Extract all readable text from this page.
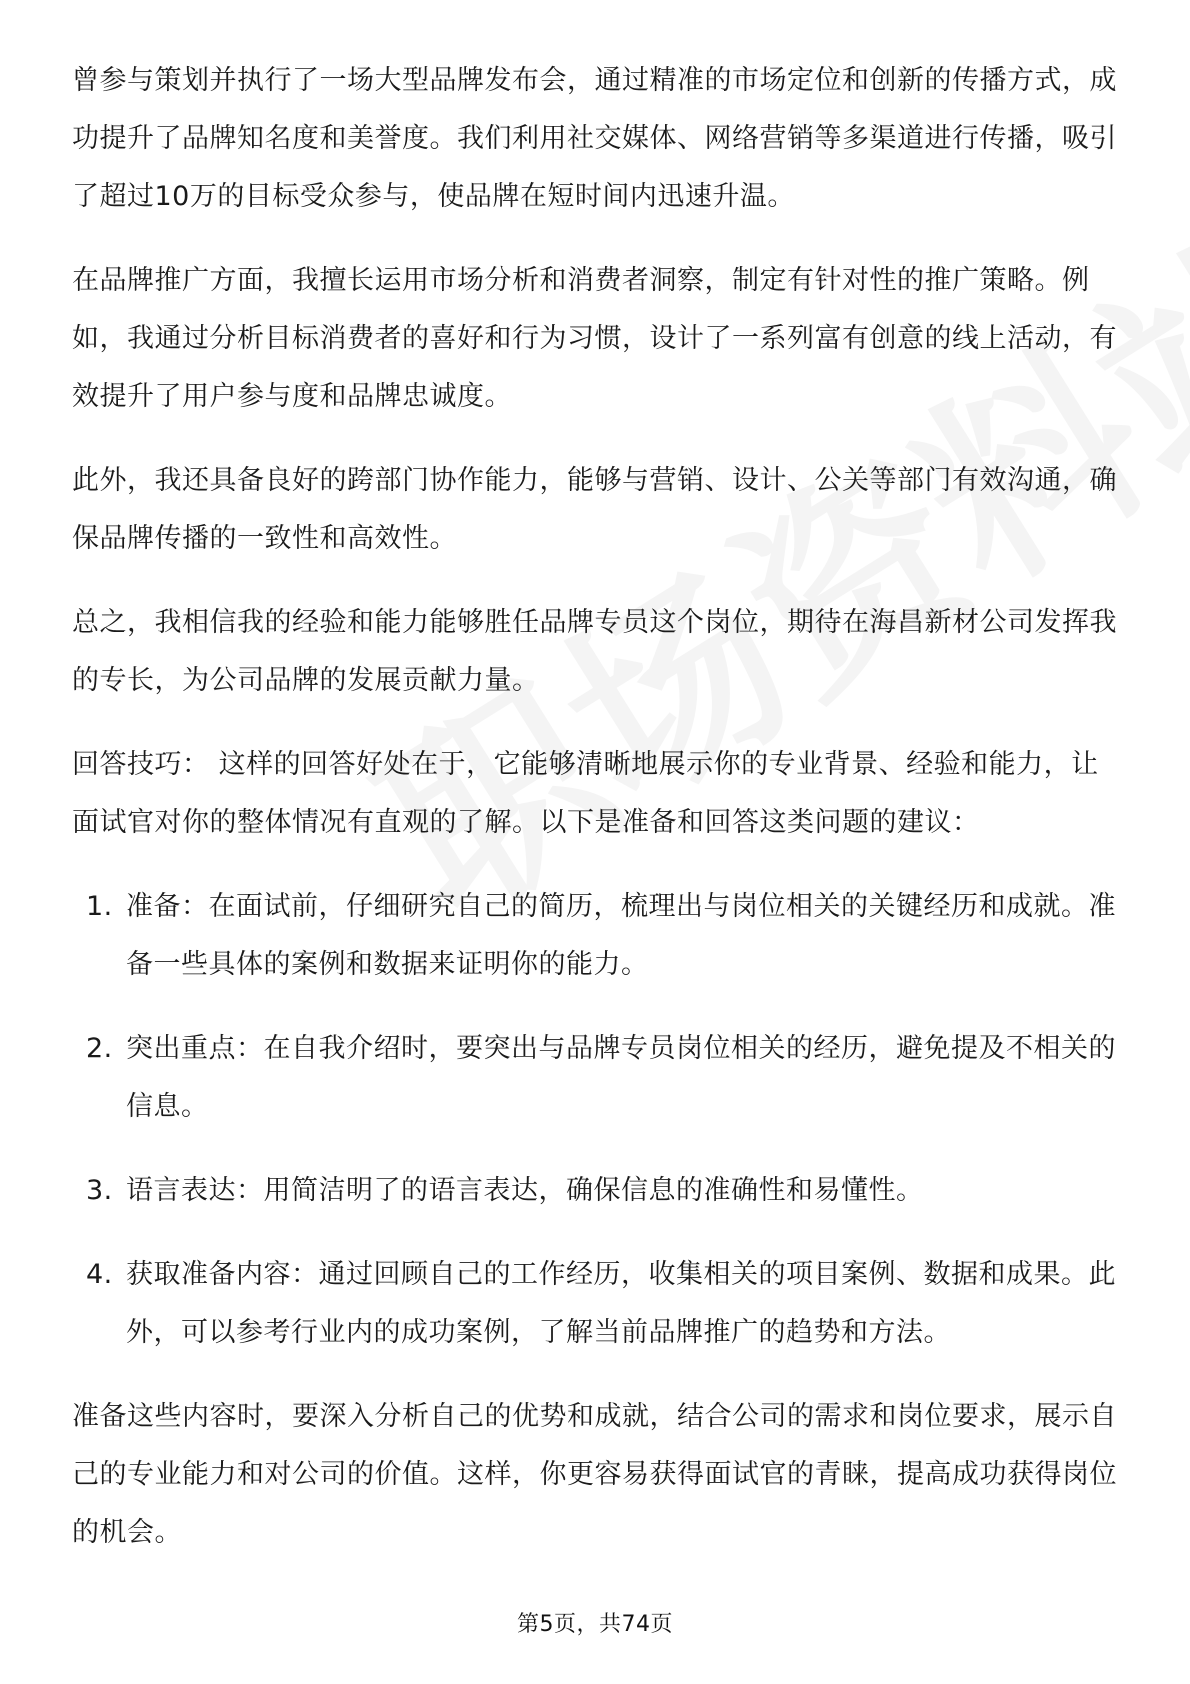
曾参与策划并执行了一场大型品牌发布会，通过精准的市场定位和创新的传播方式，成功提升了品牌知名度和美誉度。我们利用社交媒体、网络营销等多渠道进行传播，吸引了超过10万的目标受众参与，使品牌在短时间内迅速升温。

在品牌推广方面，我擅长运用市场分析和消费者洞察，制定有针对性的推广策略。例如，我通过分析目标消费者的喜好和行为习惯，设计了一系列富有创意的线上活动，有效提升了用户参与度和品牌忠诚度。

此外，我还具备良好的跨部门协作能力，能够与营销、设计、公关等部门有效沟通，确保品牌传播的一致性和高效性。

总之，我相信我的经验和能力能够胜任品牌专员这个岗位，期待在海昌新材公司发挥我的专长，为公司品牌的发展贡献力量。

回答技巧： 这样的回答好处在于，它能够清晰地展示你的专业背景、经验和能力，让面试官对你的整体情况有直观的了解。以下是准备和回答这类问题的建议：

1. 准备：在面试前，仔细研究自己的简历，梳理出与岗位相关的关键经历和成就。准备一些具体的案例和数据来证明你的能力。
2. 突出重点：在自我介绍时，要突出与品牌专员岗位相关的经历，避免提及不相关的信息。
3. 语言表达：用简洁明了的语言表达，确保信息的准确性和易懂性。
4. 获取准备内容：通过回顾自己的工作经历，收集相关的项目案例、数据和成果。此外，可以参考行业内的成功案例，了解当前品牌推广的趋势和方法。

准备这些内容时，要深入分析自己的优势和成就，结合公司的需求和岗位要求，展示自己的专业能力和对公司的价值。这样，你更容易获得面试官的青睐，提高成功获得岗位的机会。

第5页，共74页
